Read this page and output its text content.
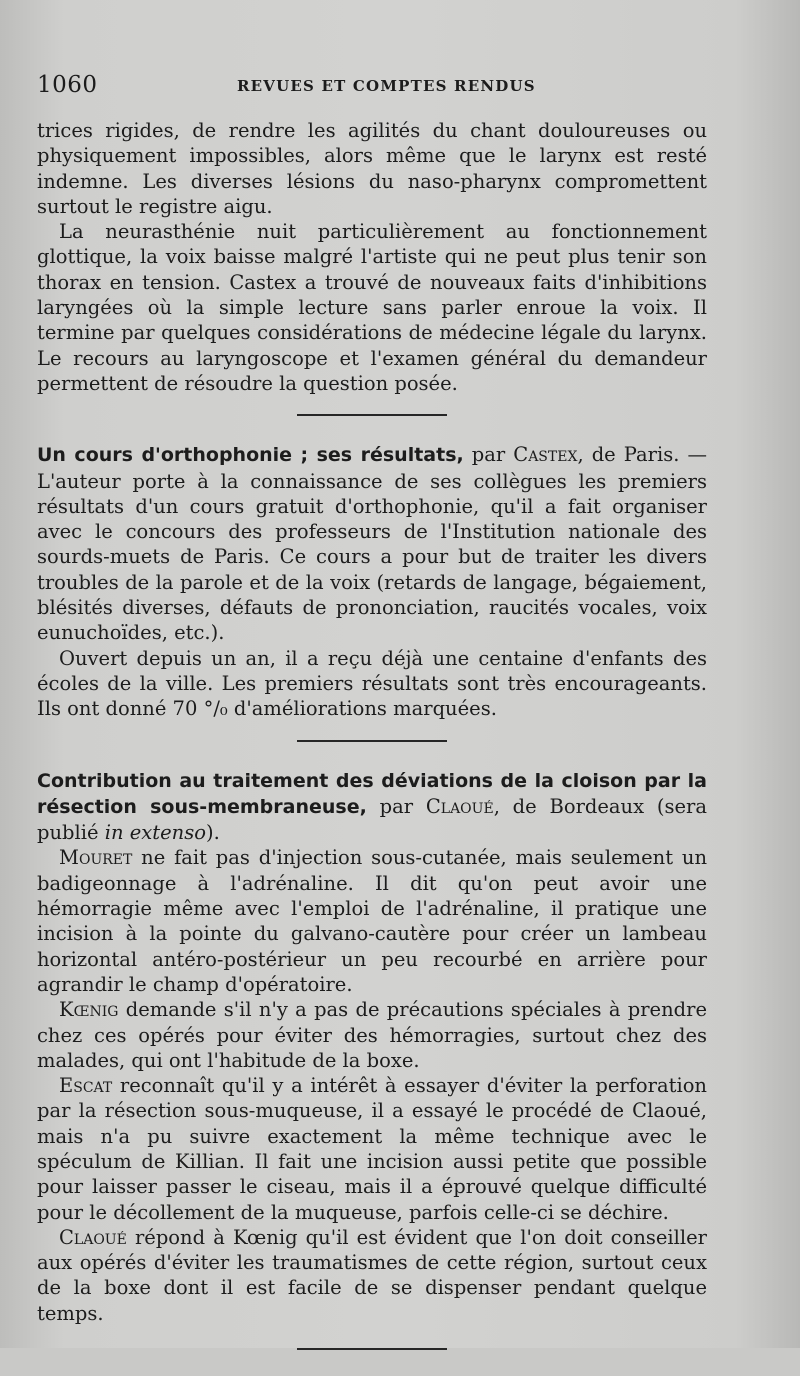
1060	REVUES ET COMPTES RENDUS

trices rigides, de rendre les agilités du chant douloureuses ou physiquement impossibles, alors même que le larynx est resté indemne. Les diverses lésions du naso-pharynx compromettent surtout le registre aigu.

La neurasthénie nuit particulièrement au fonctionnement glottique, la voix baisse malgré l'artiste qui ne peut plus tenir son thorax en tension. Castex a trouvé de nouveaux faits d'inhibitions laryngées où la simple lecture sans parler enroue la voix. Il termine par quelques considérations de médecine légale du larynx. Le recours au laryngoscope et l'examen général du demandeur permettent de résoudre la question posée.

Un cours d'orthophonie ; ses résultats, par Castex, de Paris. — L'auteur porte à la connaissance de ses collègues les premiers résultats d'un cours gratuit d'orthophonie, qu'il a fait organiser avec le concours des professeurs de l'Institution nationale des sourds-muets de Paris. Ce cours a pour but de traiter les divers troubles de la parole et de la voix (retards de langage, bégaiement, blésités diverses, défauts de prononciation, raucités vocales, voix eunuchoïdes, etc.).

Ouvert depuis un an, il a reçu déjà une centaine d'enfants des écoles de la ville. Les premiers résultats sont très encourageants. Ils ont donné 70 °/₀ d'améliorations marquées.

Contribution au traitement des déviations de la cloison par la résection sous-membraneuse, par Claoué, de Bordeaux (sera publié in extenso).

Mouret ne fait pas d'injection sous-cutanée, mais seulement un badigeonnage à l'adrénaline. Il dit qu'on peut avoir une hémorragie même avec l'emploi de l'adrénaline, il pratique une incision à la pointe du galvano-cautère pour créer un lambeau horizontal antéro-postérieur un peu recourbé en arrière pour agrandir le champ d'opératoire.

Kœnig demande s'il n'y a pas de précautions spéciales à prendre chez ces opérés pour éviter des hémorragies, surtout chez des malades, qui ont l'habitude de la boxe.

Escat reconnaît qu'il y a intérêt à essayer d'éviter la perforation par la résection sous-muqueuse, il a essayé le procédé de Claoué, mais n'a pu suivre exactement la même technique avec le spéculum de Killian. Il fait une incision aussi petite que possible pour laisser passer le ciseau, mais il a éprouvé quelque difficulté pour le décollement de la muqueuse, parfois celle-ci se déchire.

Claoué répond à Kœnig qu'il est évident que l'on doit conseiller aux opérés d'éviter les traumatismes de cette région, surtout ceux de la boxe dont il est facile de se dispenser pendant quelque temps.
